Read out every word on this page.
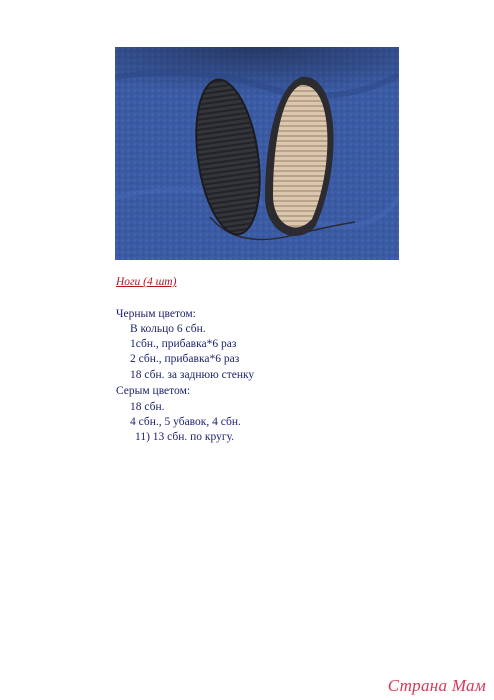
Ноги (4 шт)
Черным цветом:
В кольцо 6 сбн.
1сбн., прибавка*6 раз
2 сбн., прибавка*6 раз
18 сбн. за заднюю стенку
Серым цветом:
18 сбн.
4 сбн., 5 убавок, 4 сбн.
11) 13 сбн. по кругу.
Страна Мам
